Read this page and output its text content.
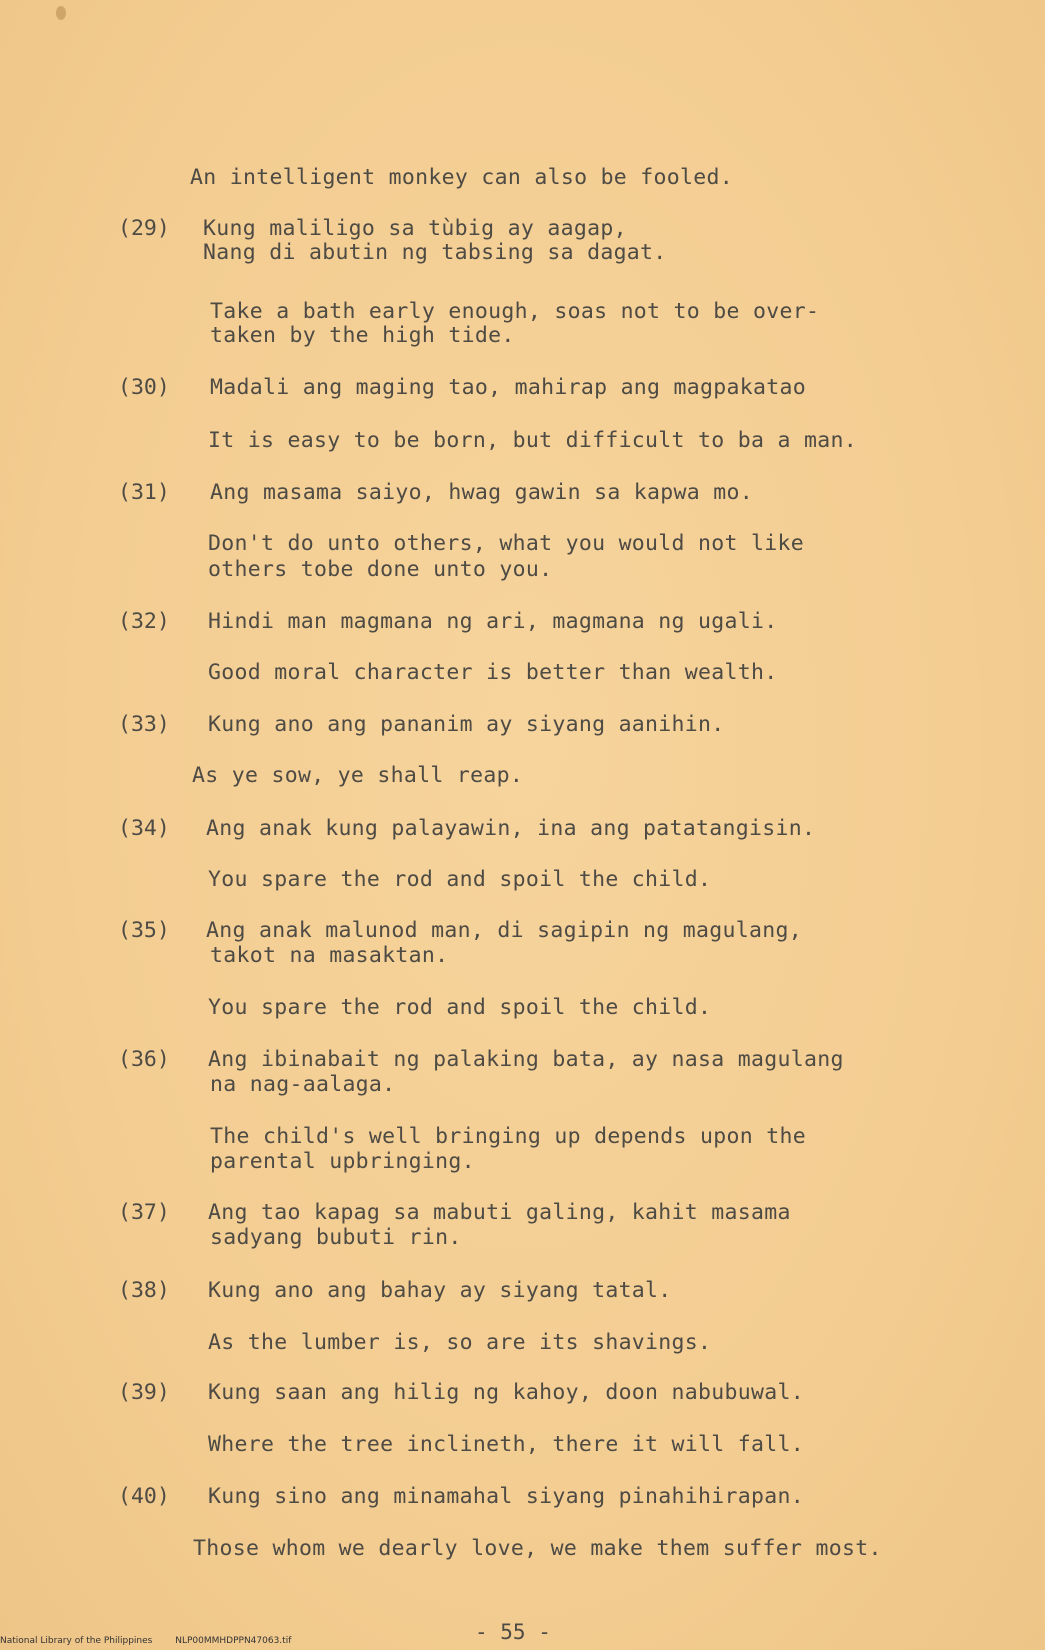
An intelligent monkey can also be fooled.
(29) Kung maliligo sa tùbig ay aagap,
Nang di abutin ng tabsing sa dagat.
Take a bath early enough, soas not to be over-
taken by the high tide.
(30) Madali ang maging tao, mahirap ang magpakatao
It is easy to be born, but difficult to ba a man.
(31) Ang masama saiyo, hwag gawin sa kapwa mo.
Don't do unto others, what you would not like
others tobe done unto you.
(32) Hindi man magmana ng ari, magmana ng ugali.
Good moral character is better than wealth.
(33) Kung ano ang pananim ay siyang aanihin.
As ye sow, ye shall reap.
(34) Ang anak kung palayawin, ina ang patatangisin.
You spare the rod and spoil the child.
(35) Ang anak malunod man, di sagipin ng magulang,
takot na masaktan.
You spare the rod and spoil the child.
(36) Ang ibinabait ng palaking bata, ay nasa magulang
na nag-aalaga.
The child's well bringing up depends upon the
parental upbringing.
(37) Ang tao kapag sa mabuti galing, kahit masama
sadyang bubuti rin.
(38) Kung ano ang bahay ay siyang tatal.
As the lumber is, so are its shavings.
(39) Kung saan ang hilig ng kahoy, doon nabubuwal.
Where the tree inclineth, there it will fall.
(40) Kung sino ang minamahal siyang pinahihirapan.
Those whom we dearly love, we make them suffer most.
- 55 -
National Library of the Philippines	NLP00MMHDPPN47063.tif
